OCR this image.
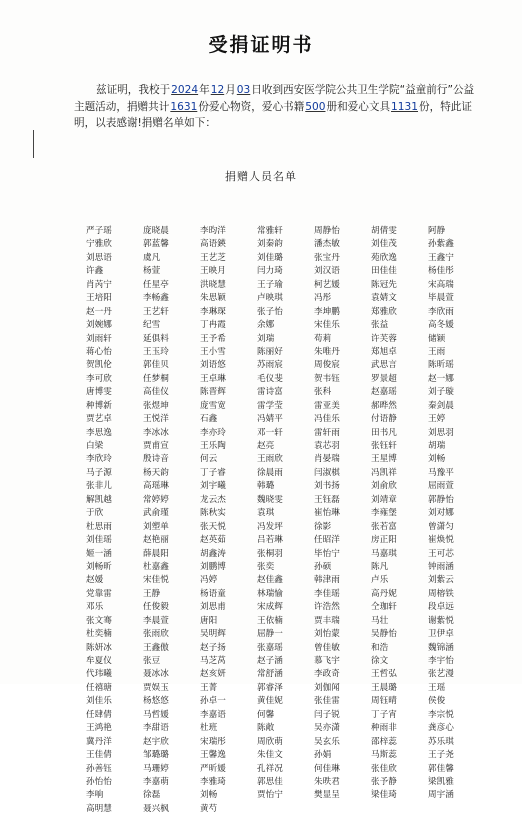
受捐证明书
兹证明，我校于2024年12月03日收到西安医学院公共卫生学院“益童前行”公益主题活动，捐赠共计1631份爱心物资，爱心书籍500册和爱心文具1131份，特此证明，以表感谢!捐赠名单如下：
捐赠人员名单
严子瑶	庞晓晨	李昀洋	常雅轩	周静怡	胡倩雯	阿静
宁雅欣	郭蓝馨	高语鍈	刘秦韵	潘杰敏	刘佳茂	孙紫鑫
刘思语	虞凡	王艺芝	刘佳璐	张宝丹	苑欣逸	王鑫宁
许鑫	杨萱	王映月	闫力琦	刘汉语	田佳佳	杨佳彤
肖芮宁	任星亭	洪晓慧	王子瑜	柯艺媛	陈冠先	宋高瑞
王培阳	李畅鑫	朱思颖	卢映琪	冯彤	袁婧文	毕晨萱
赵一丹	王艺轩	李琳琛	张子怡	李坤鹏	郑雅欣	李欣雨
刘婉娜	纪雪	丁冉霞	余娜	宋佳乐	张益	高冬媛
刘雨轩	延俱料	王予希	刘瑞	苟莉	许芙蓉	储颖
蒋心怡	王玉玲	王小雪	陈丽好	朱唯丹	郑旭卓	王雨
贺凯伦	郭佳贝	刘语悠	苏雨宸	周俊宸	武思言	陈昕瑶
李可欣	任梦桐	王卓琳	毛仪斐	贺韦钰	罗景超	赵一娜
唐博雯	高佳仪	陈晋辉	雷诗富	张科	赵嘉瑶	刘子璇
种博新	张煜坤	庞雪宽	雷学莹	雷亚美	郝晔然	秦剑晨
贾艺卓	王悦洋	石鑫	冯婧平	冯佳乐	付语静	王婷
李思逸	李冰冰	李亦玲	邓一轩	雷轩雨	田书凡	刘思羽
白梁	贾甫宣	王乐陶	赵亮	袁芯羽	张钰轩	胡瑞
李欣玲	殷诗音	何云	王雨欣	肖晏瑞	王星博	刘畅
马子源	杨天韵	丁子睿	徐晨雨	闫淑棋	冯凯祥	马豫平
张非儿	高瑶琳	刘宇曦	韩璐	刘书扬	刘俞欣	屈雨萱
解凯越	常婷婷	龙云杰	魏晓雯	王钰磊	刘靖章	郭静怡
于欣	武俞瑾	陈秋实	袁琪	崔怡琳	李雍堡	刘对娜
杜思雨	刘塑单	张天悦	冯发坪	徐影	张若富	曾潇匀
刘佳瑶	赵艳丽	赵英茹	吕若琳	任昭洋	房正阳	崔焕悦
姬一涵	薛晨阳	胡鑫涛	张桐羽	毕怡宁	马嘉琪	王可芯
刘畅昕	杜嘉鑫	刘鹏博	张奕	孙硕	陈凡	钟雨涵
赵媛	宋佳悦	冯婷	赵佳鑫	韩津雨	卢乐	刘紫云
党靠雷	王静	杨语童	林瑞愉	李佳瑶	高丹妮	周榕铁
邓乐	任俊毅	刘思甫	宋成辉	许浩然	仝珈轩	段卓远
张文骞	李晨萱	唐阳	王依楠	贾丰瑞	马壮	谢紫悦
杜奕楠	张雨欣	吴明辉	屈静一	刘怡蒙	吴静怡	卫伊卓
陈妍冰	王鑫傲	赵子扬	张嘉瑶	曾佳敏	和浩	魏锦涵
牟夏仪	张豆	马芝莴	赵子涵	慕飞宇	徐文	李宇怡
代玮曦	聂冰冰	赵亥妍	常舒涵	李政奇	王哲弘	张艺漫
任禧瑭	贾娱玉	王菁	郭睿泽	刘伽闻	王晨璐	王瑶
刘佳乐	杨悠悠	孙卓一	黄佳妮	张佳雷	周钰晴	侯俊
任肆倩	马哲媛	李嘉语	何馨	闫子锐	丁子宵	李宗悦
王鸿艳	李甜语	杜班	陈敞	吴亦潇	种雨非	龚彦心
冀丹洋	赵宇欣	宋瑞彤	周欣萌	吴玄乐	邵梓蕊	苏乐琪
王佳倩	邹璐璐	王馨逸	朱佳文	孙娟	马斯蕊	王子尧
孙善钰	马珊婷	严昕媛	孔祥况	何佳琳	张佳欣	郭佳馨
孙怡怡	李嘉萌	李雅琦	郭思佳	朱昳君	张予静	梁凯雅
李响	徐磊	刘畅	贾怡宁	樊显呈	梁佳琦	周宇涵
高明慧	聂兴枫	黄芍
